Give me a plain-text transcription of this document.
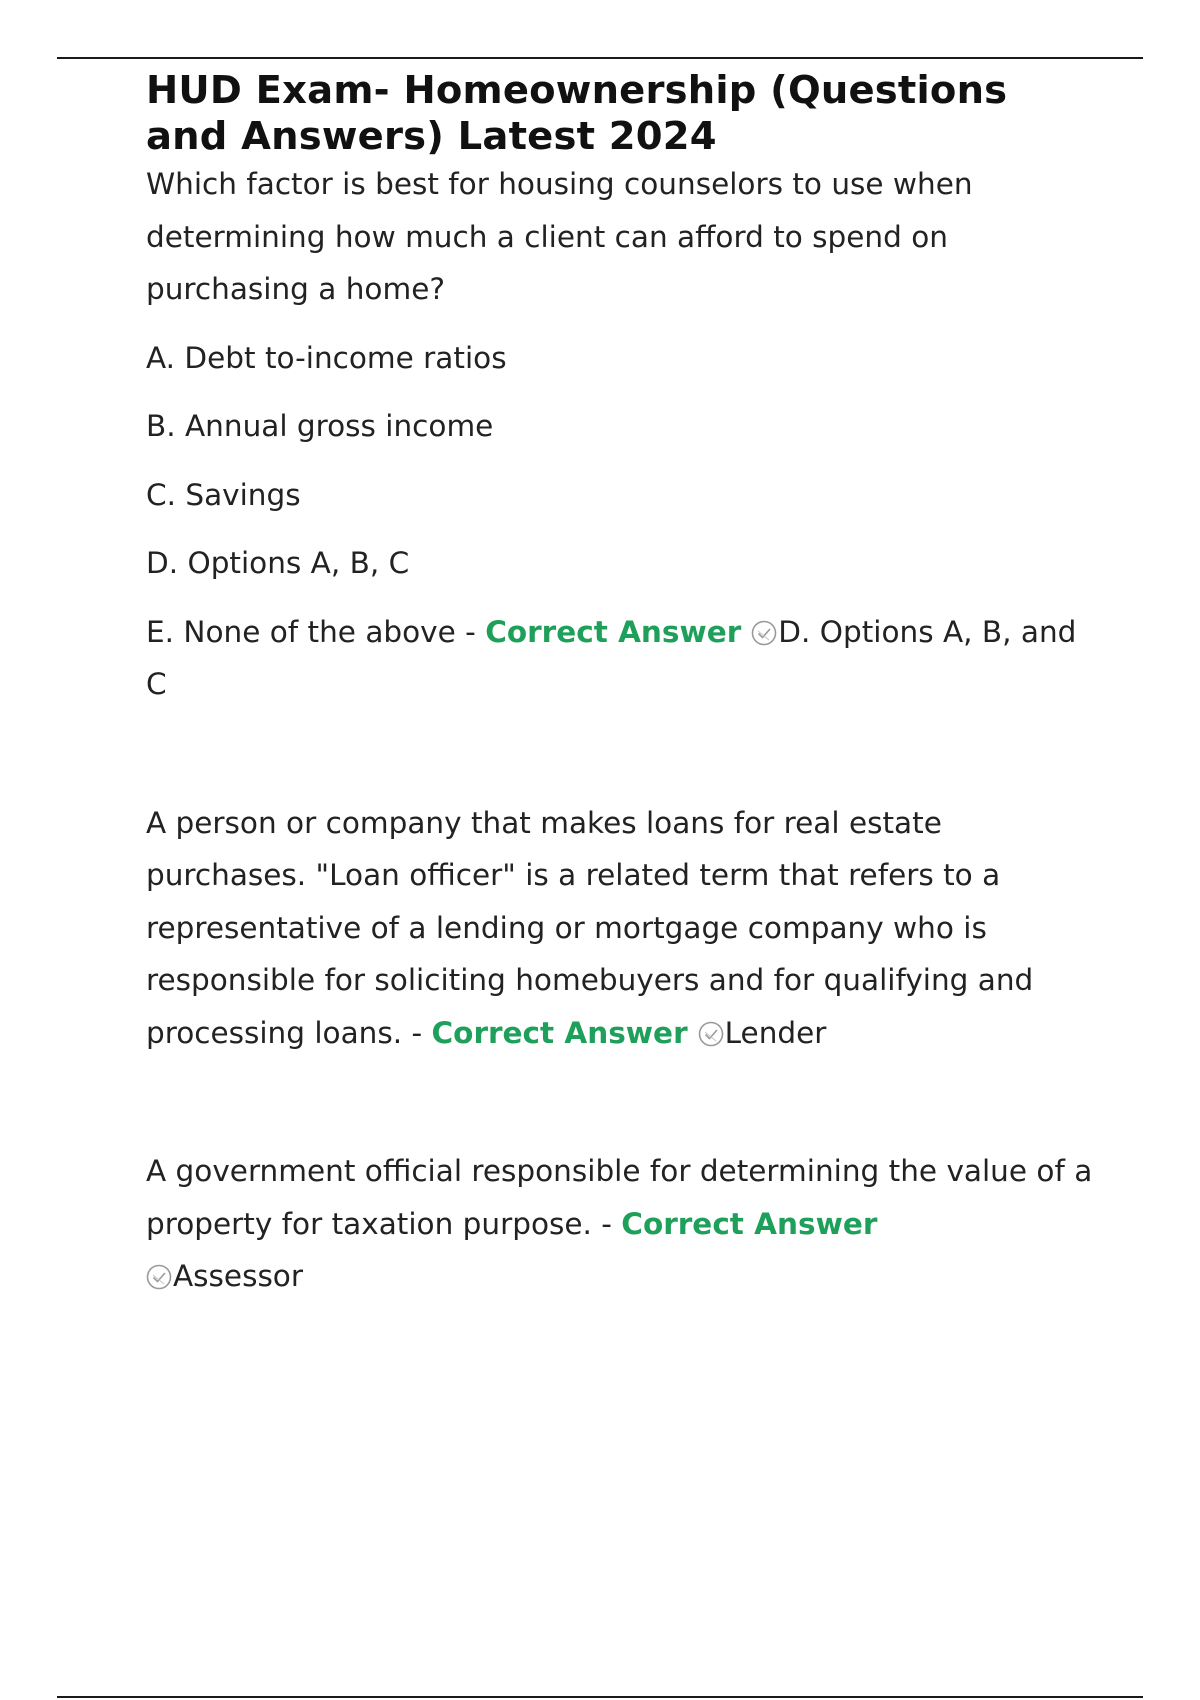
HUD Exam- Homeownership (Questions and Answers) Latest 2024

Which factor is best for housing counselors to use when determining how much a client can afford to spend on purchasing a home?

A. Debt to-income ratios

B. Annual gross income

C. Savings

D. Options A, B, C

E. None of the above - Correct Answer D. Options A, B, and C

A person or company that makes loans for real estate purchases. "Loan officer" is a related term that refers to a representative of a lending or mortgage company who is responsible for soliciting homebuyers and for qualifying and processing loans. - Correct Answer Lender

A government official responsible for determining the value of a property for taxation purpose. - Correct Answer

Assessor
